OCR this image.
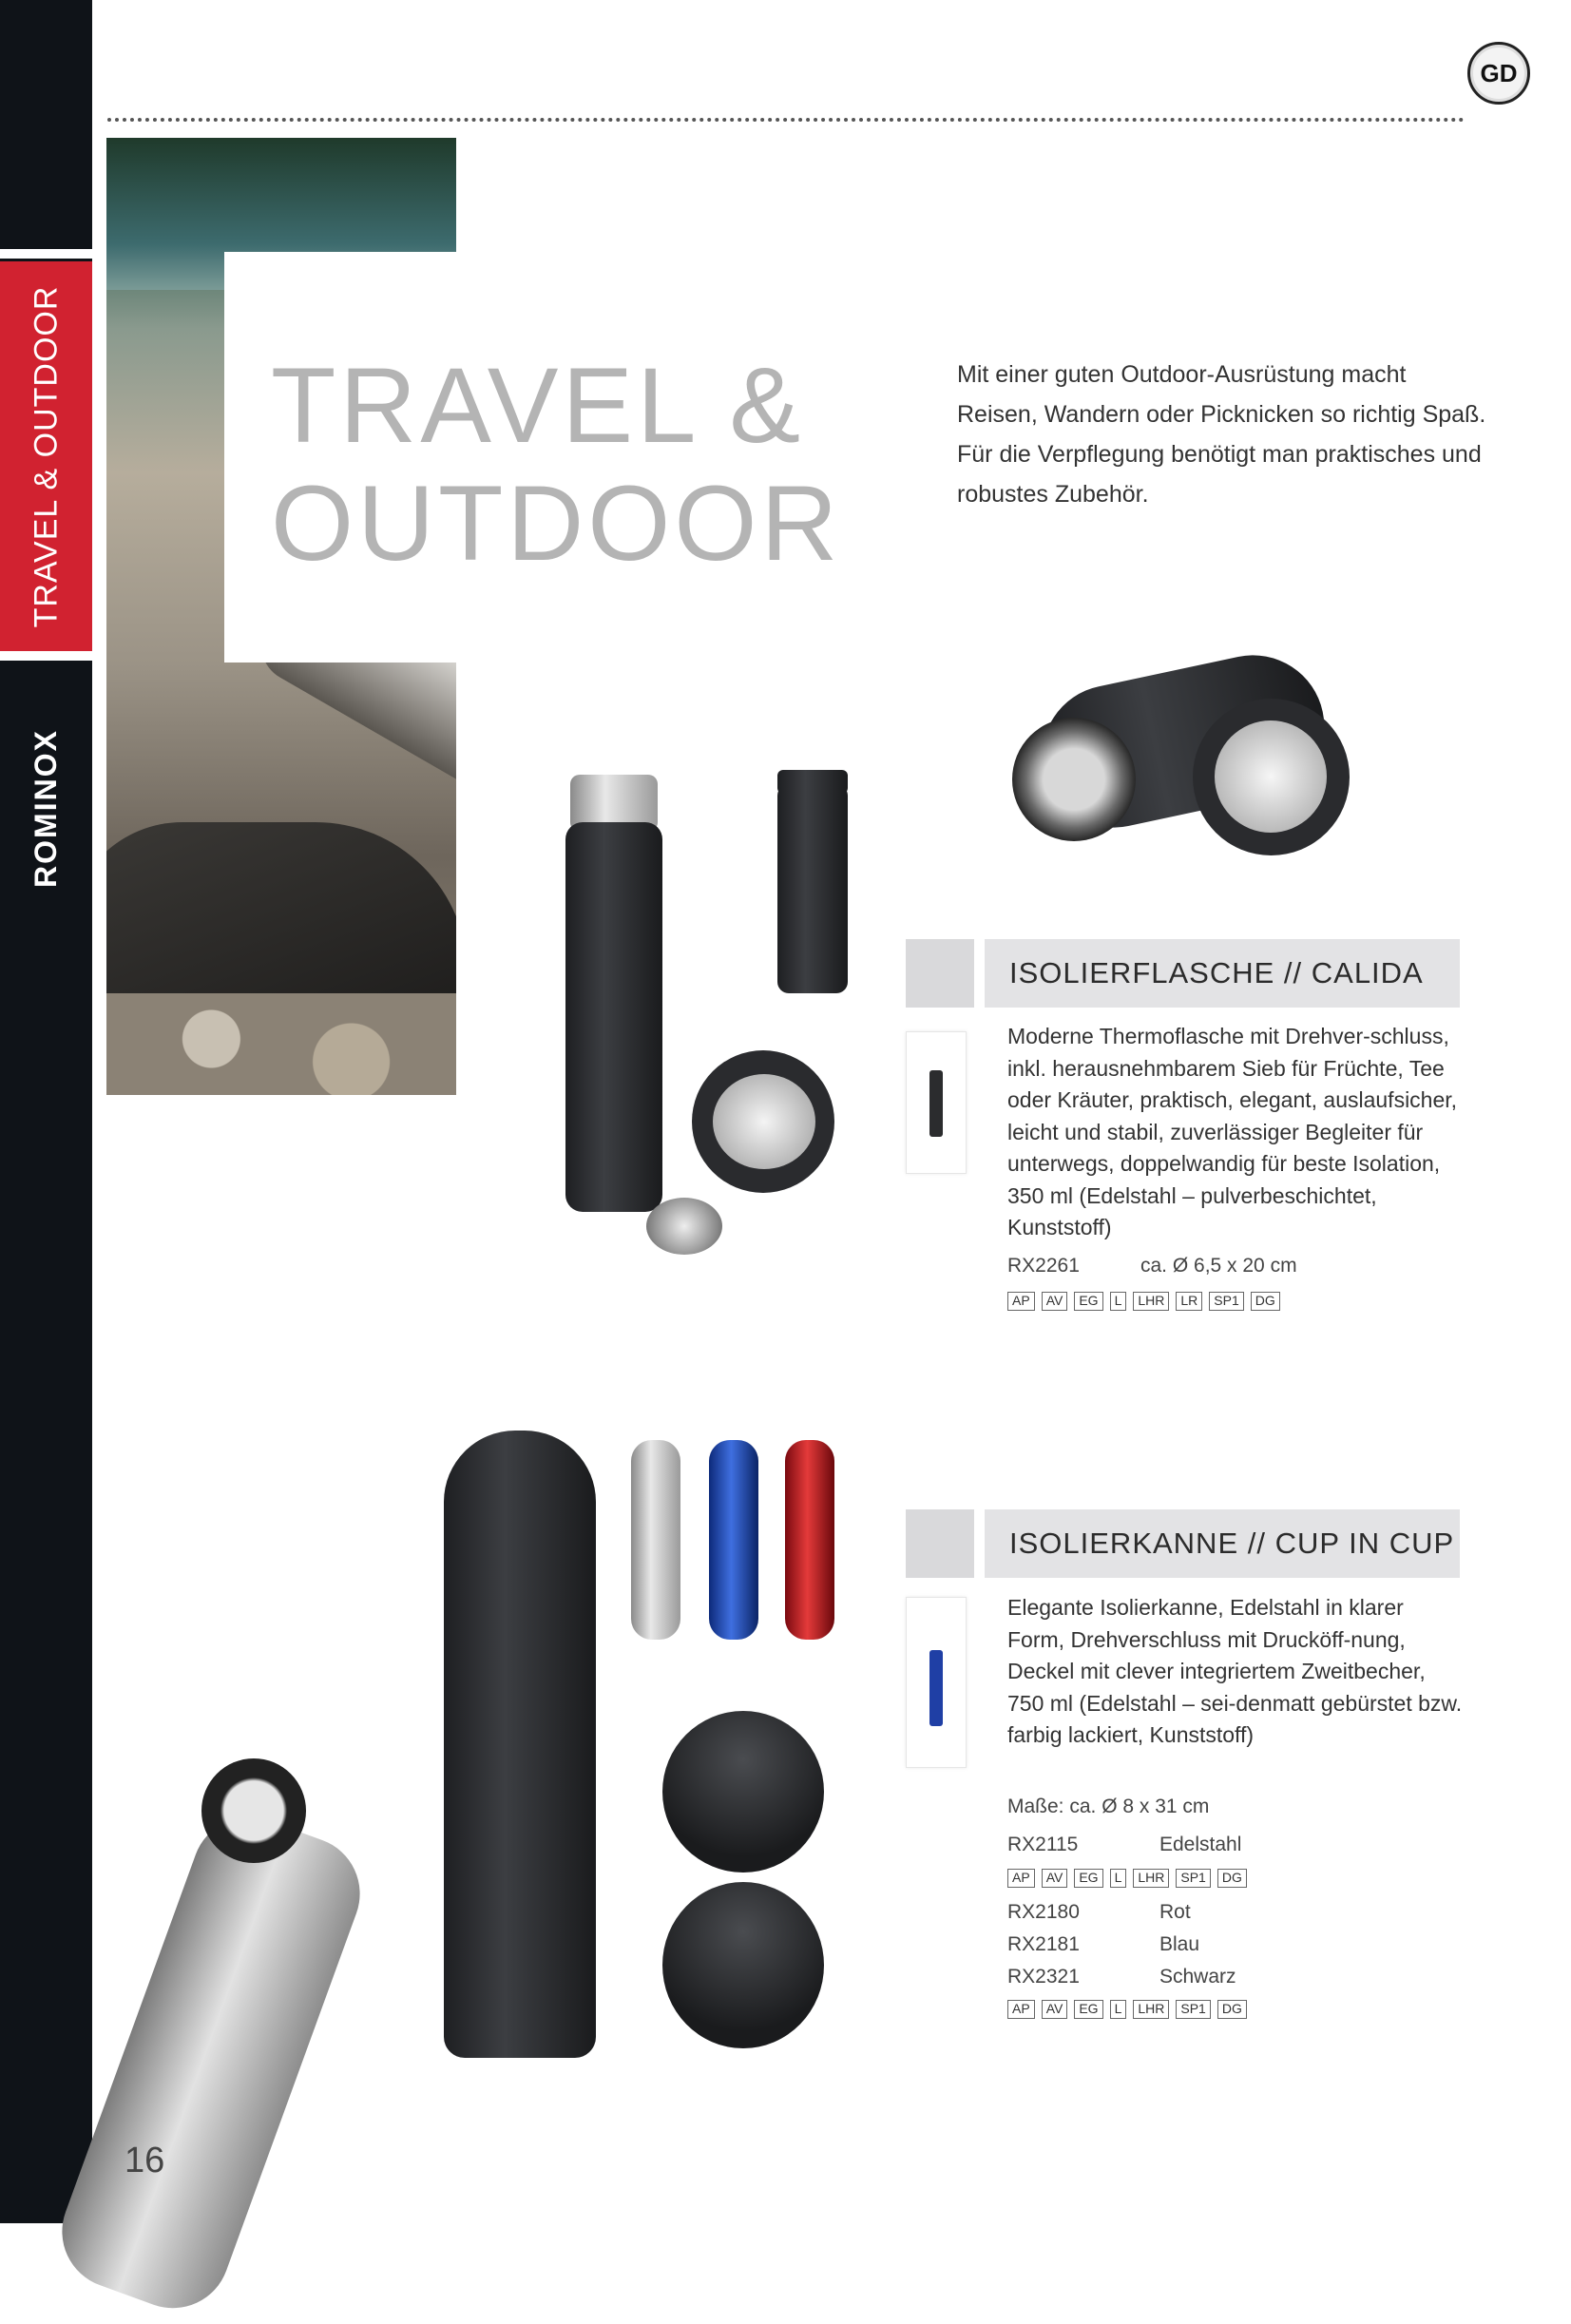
TRAVEL & OUTDOOR
ROMINOX
GD
TRAVEL &
OUTDOOR
Mit einer guten Outdoor-Ausrüstung macht Reisen, Wandern oder Picknicken so richtig Spaß. Für die Verpflegung benötigt man praktisches und robustes Zubehör.
ISOLIERFLASCHE // CALIDA
Moderne Thermoflasche mit Drehver-schluss, inkl. herausnehmbarem Sieb für Früchte, Tee oder Kräuter, praktisch, elegant, auslaufsicher, leicht und stabil, zuverlässiger Begleiter für unterwegs, doppelwandig für beste Isolation, 350 ml (Edelstahl – pulverbeschichtet, Kunststoff)
RX2261	ca. Ø 6,5 x 20 cm
AP	AV	EG	L	LHR	LR	SP1	DG
ISOLIERKANNE // CUP IN CUP
Elegante Isolierkanne, Edelstahl in klarer Form, Drehverschluss mit Drucköff-nung, Deckel mit clever integriertem Zweitbecher, 750 ml (Edelstahl – sei-denmatt gebürstet bzw. farbig lackiert, Kunststoff)
Maße: ca. Ø 8 x 31 cm
RX2115	Edelstahl
AP	AV	EG	L	LHR	SP1	DG
RX2180	Rot
RX2181	Blau
RX2321	Schwarz
AP	AV	EG	L	LHR	SP1	DG
16
